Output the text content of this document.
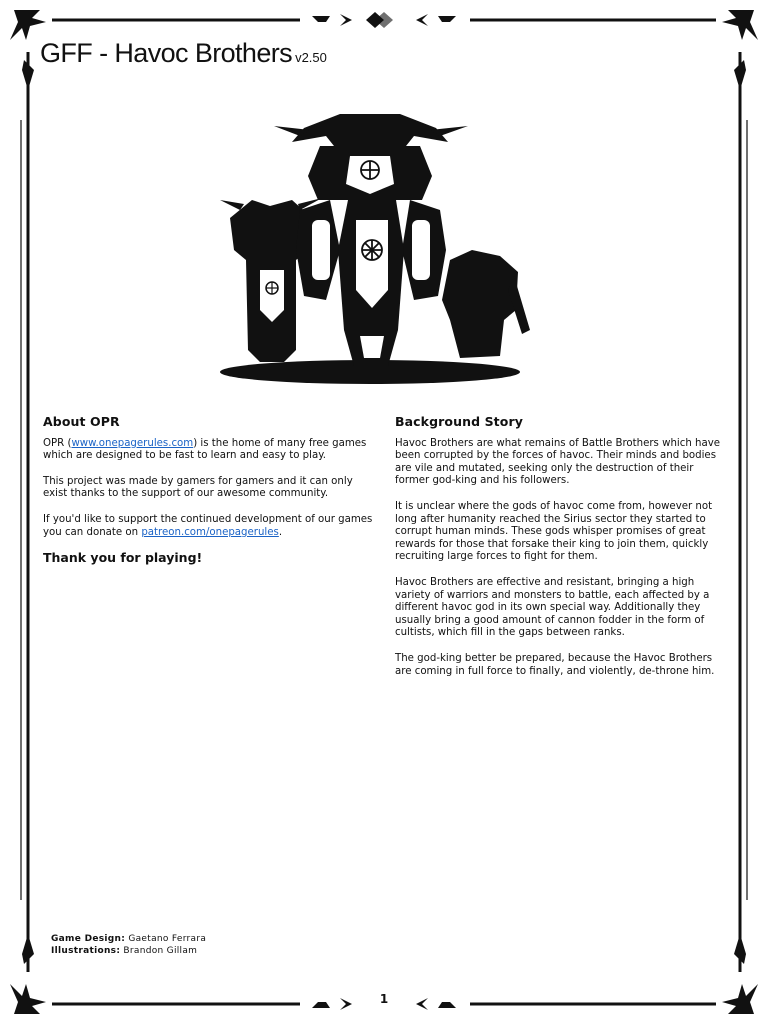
GFF - Havoc Brothers v2.50
About OPR

OPR (www.onepagerules.com) is the home of many free games which are designed to be fast to learn and easy to play.

This project was made by gamers for gamers and it can only exist thanks to the support of our awesome community.

If you'd like to support the continued development of our games you can donate on patreon.com/onepagerules.

Thank you for playing!
Background Story

Havoc Brothers are what remains of Battle Brothers which have been corrupted by the forces of havoc. Their minds and bodies are vile and mutated, seeking only the destruction of their former god-king and his followers.

It is unclear where the gods of havoc come from, however not long after humanity reached the Sirius sector they started to corrupt human minds. These gods whisper promises of great rewards for those that forsake their king to join them, quickly recruiting large forces to fight for them.

Havoc Brothers are effective and resistant, bringing a high variety of warriors and monsters to battle, each affected by a different havoc god in its own special way. Additionally they usually bring a good amount of cannon fodder in the form of cultists, which fill in the gaps between ranks.

The god-king better be prepared, because the Havoc Brothers are coming in full force to finally, and violently, de-throne him.

Game Design: Gaetano Ferrara
Illustrations: Brandon Gillam
1
